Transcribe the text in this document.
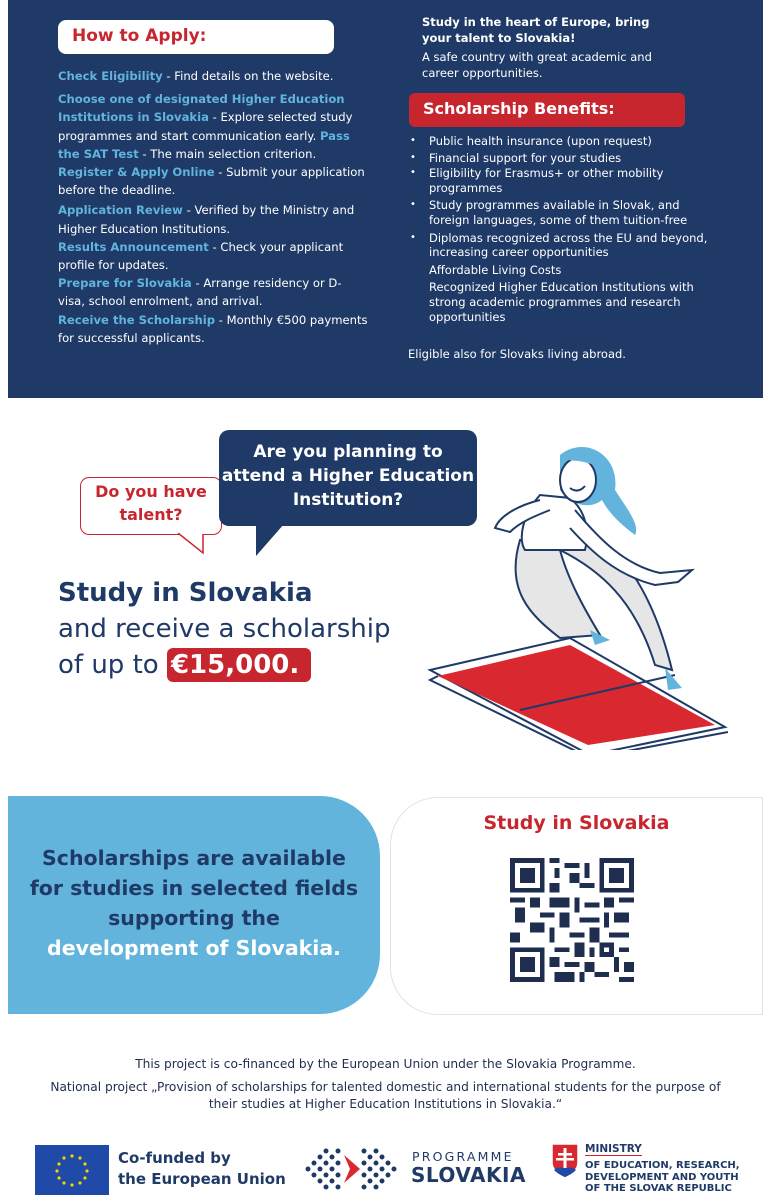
How to Apply:

Check Eligibility - Find details on the website.

Choose one of designated Higher Education Institutions in Slovakia - Explore selected study programmes and start communication early. Pass the SAT Test - The main selection criterion. Register & Apply Online - Submit your application before the deadline.

Application Review - Verified by the Ministry and Higher Education Institutions.

Results Announcement - Check your applicant profile for updates.

Prepare for Slovakia - Arrange residency or D-visa, school enrolment, and arrival.

Receive the Scholarship - Monthly €500 payments for successful applicants.

Study in the heart of Europe, bring your talent to Slovakia!
A safe country with great academic and career opportunities.
Scholarship Benefits:
• Public health insurance (upon request)
• Financial support for your studies
• Eligibility for Erasmus+ or other mobility programmes
• Study programmes available in Slovak, and foreign languages, some of them tuition-free
• Diplomas recognized across the EU and beyond, increasing career opportunities
Affordable Living Costs
Recognized Higher Education Institutions with strong academic programmes and research opportunities
Eligible also for Slovaks living abroad.
Do you have talent?
Are you planning to attend a Higher Education Institution?
Study in Slovakia
and receive a scholarship
of up to €15,000.
Scholarships are available for studies in selected fields supporting the
development of Slovakia.
Study in Slovakia
This project is co-financed by the European Union under the Slovakia Programme.
National project „Provision of scholarships for talented domestic and international students for the purpose of their studies at Higher Education Institutions in Slovakia.“
Co-funded by
the European Union
PROGRAMME
SLOVAKIA
MINISTRY
OF EDUCATION, RESEARCH,
DEVELOPMENT AND YOUTH
OF THE SLOVAK REPUBLIC
